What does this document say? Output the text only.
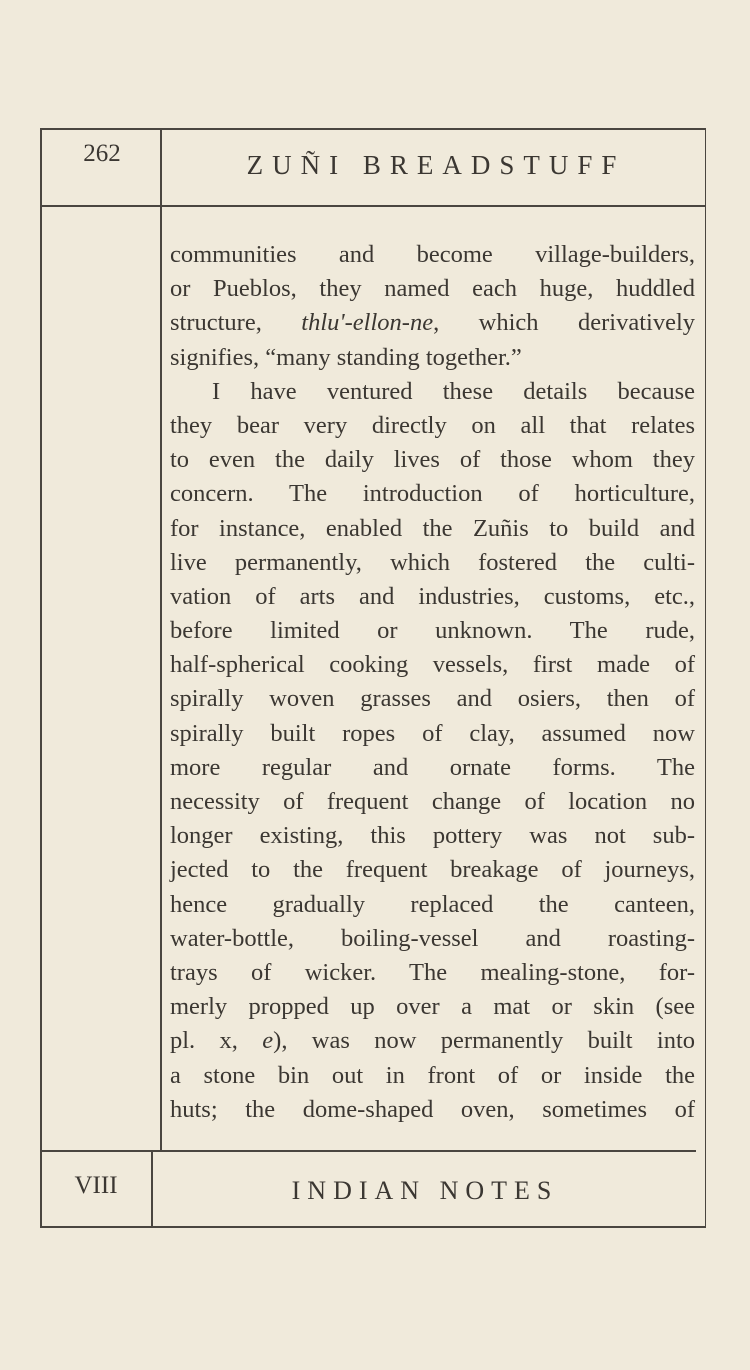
262	ZUÑI BREADSTUFF
communities and become village-builders,
or Pueblos, they named each huge, huddled
structure, thlu'-ellon-ne, which derivatively
signifies, “many standing together.”
I have ventured these details because
they bear very directly on all that relates
to even the daily lives of those whom they
concern. The introduction of horticulture,
for instance, enabled the Zuñis to build and
live permanently, which fostered the culti-
vation of arts and industries, customs, etc.,
before limited or unknown. The rude,
half-spherical cooking vessels, first made of
spirally woven grasses and osiers, then of
spirally built ropes of clay, assumed now
more regular and ornate forms. The
necessity of frequent change of location no
longer existing, this pottery was not sub-
jected to the frequent breakage of journeys,
hence gradually replaced the canteen,
water-bottle, boiling-vessel and roasting-
trays of wicker. The mealing-stone, for-
merly propped up over a mat or skin (see
pl. x, e), was now permanently built into
a stone bin out in front of or inside the
huts; the dome-shaped oven, sometimes of
VIII	INDIAN NOTES
